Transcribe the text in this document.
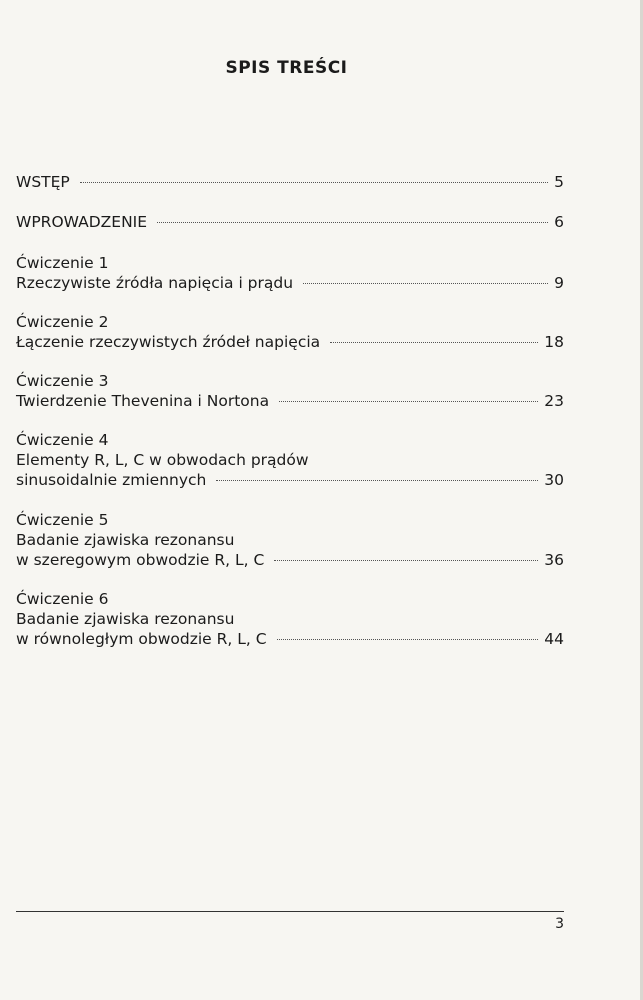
SPIS TREŚCI
WSTĘP	5
WPROWADZENIE	6
Ćwiczenie 1
Rzeczywiste źródła napięcia i prądu	9
Ćwiczenie 2
Łączenie rzeczywistych źródeł napięcia	18
Ćwiczenie 3
Twierdzenie Thevenina i Nortona	23
Ćwiczenie 4
Elementy R, L, C w obwodach prądów
sinusoidalnie zmiennych	30
Ćwiczenie 5
Badanie zjawiska rezonansu
w szeregowym obwodzie R, L, C	36
Ćwiczenie 6
Badanie zjawiska rezonansu
w równoległym obwodzie R, L, C	44
3
